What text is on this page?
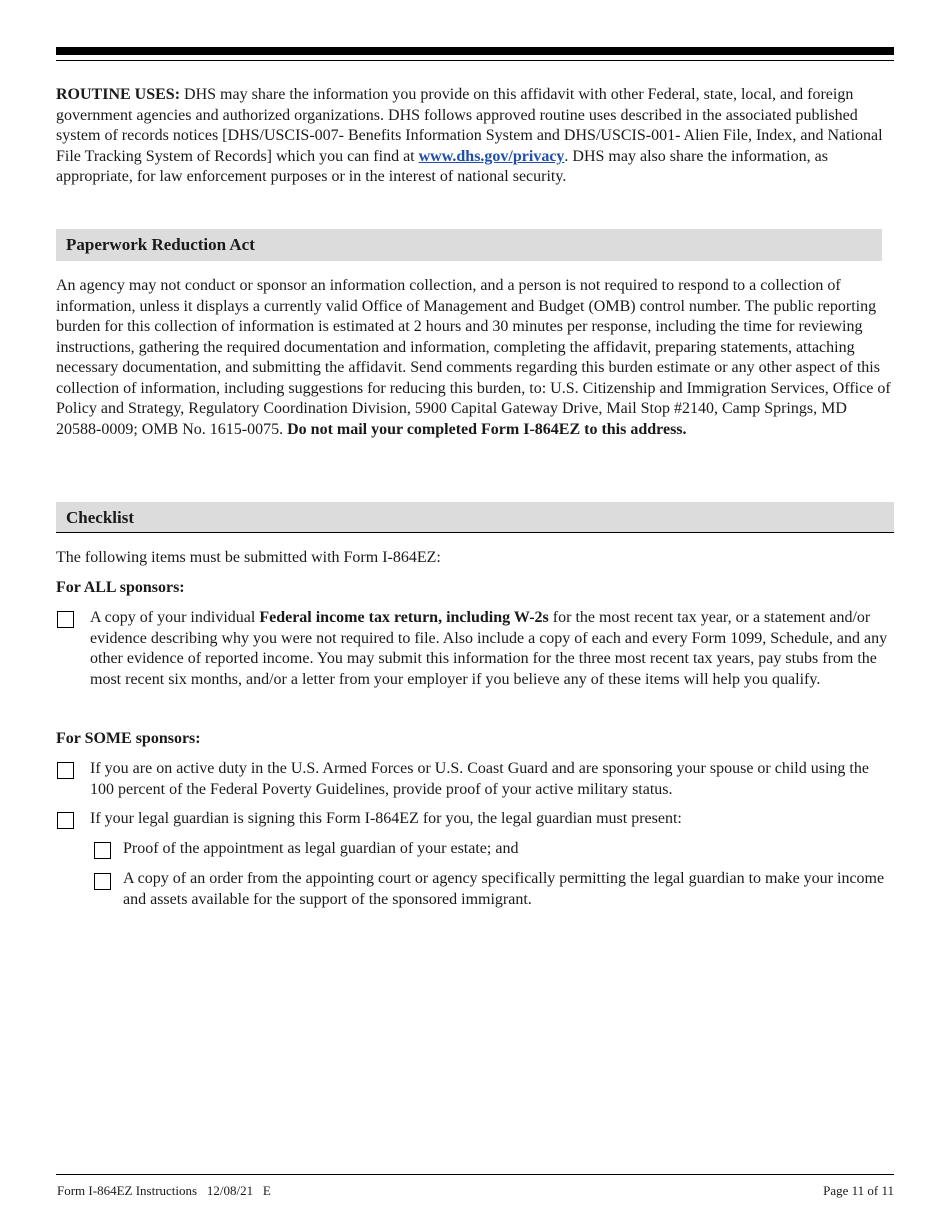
ROUTINE USES: DHS may share the information you provide on this affidavit with other Federal, state, local, and foreign government agencies and authorized organizations. DHS follows approved routine uses described in the associated published system of records notices [DHS/USCIS-007- Benefits Information System and DHS/USCIS-001- Alien File, Index, and National File Tracking System of Records] which you can find at www.dhs.gov/privacy. DHS may also share the information, as appropriate, for law enforcement purposes or in the interest of national security.

Paperwork Reduction Act

An agency may not conduct or sponsor an information collection, and a person is not required to respond to a collection of information, unless it displays a currently valid Office of Management and Budget (OMB) control number. The public reporting burden for this collection of information is estimated at 2 hours and 30 minutes per response, including the time for reviewing instructions, gathering the required documentation and information, completing the affidavit, preparing statements, attaching necessary documentation, and submitting the affidavit. Send comments regarding this burden estimate or any other aspect of this collection of information, including suggestions for reducing this burden, to: U.S. Citizenship and Immigration Services, Office of Policy and Strategy, Regulatory Coordination Division, 5900 Capital Gateway Drive, Mail Stop #2140, Camp Springs, MD 20588-0009; OMB No. 1615-0075. Do not mail your completed Form I-864EZ to this address.

Checklist

The following items must be submitted with Form I-864EZ:

For ALL sponsors:

A copy of your individual Federal income tax return, including W-2s for the most recent tax year, or a statement and/or evidence describing why you were not required to file. Also include a copy of each and every Form 1099, Schedule, and any other evidence of reported income. You may submit this information for the three most recent tax years, pay stubs from the most recent six months, and/or a letter from your employer if you believe any of these items will help you qualify.

For SOME sponsors:

If you are on active duty in the U.S. Armed Forces or U.S. Coast Guard and are sponsoring your spouse or child using the 100 percent of the Federal Poverty Guidelines, provide proof of your active military status.

If your legal guardian is signing this Form I-864EZ for you, the legal guardian must present:

Proof of the appointment as legal guardian of your estate; and

A copy of an order from the appointing court or agency specifically permitting the legal guardian to make your income and assets available for the support of the sponsored immigrant.

Form I-864EZ Instructions   12/08/21   E	Page 11 of 11
